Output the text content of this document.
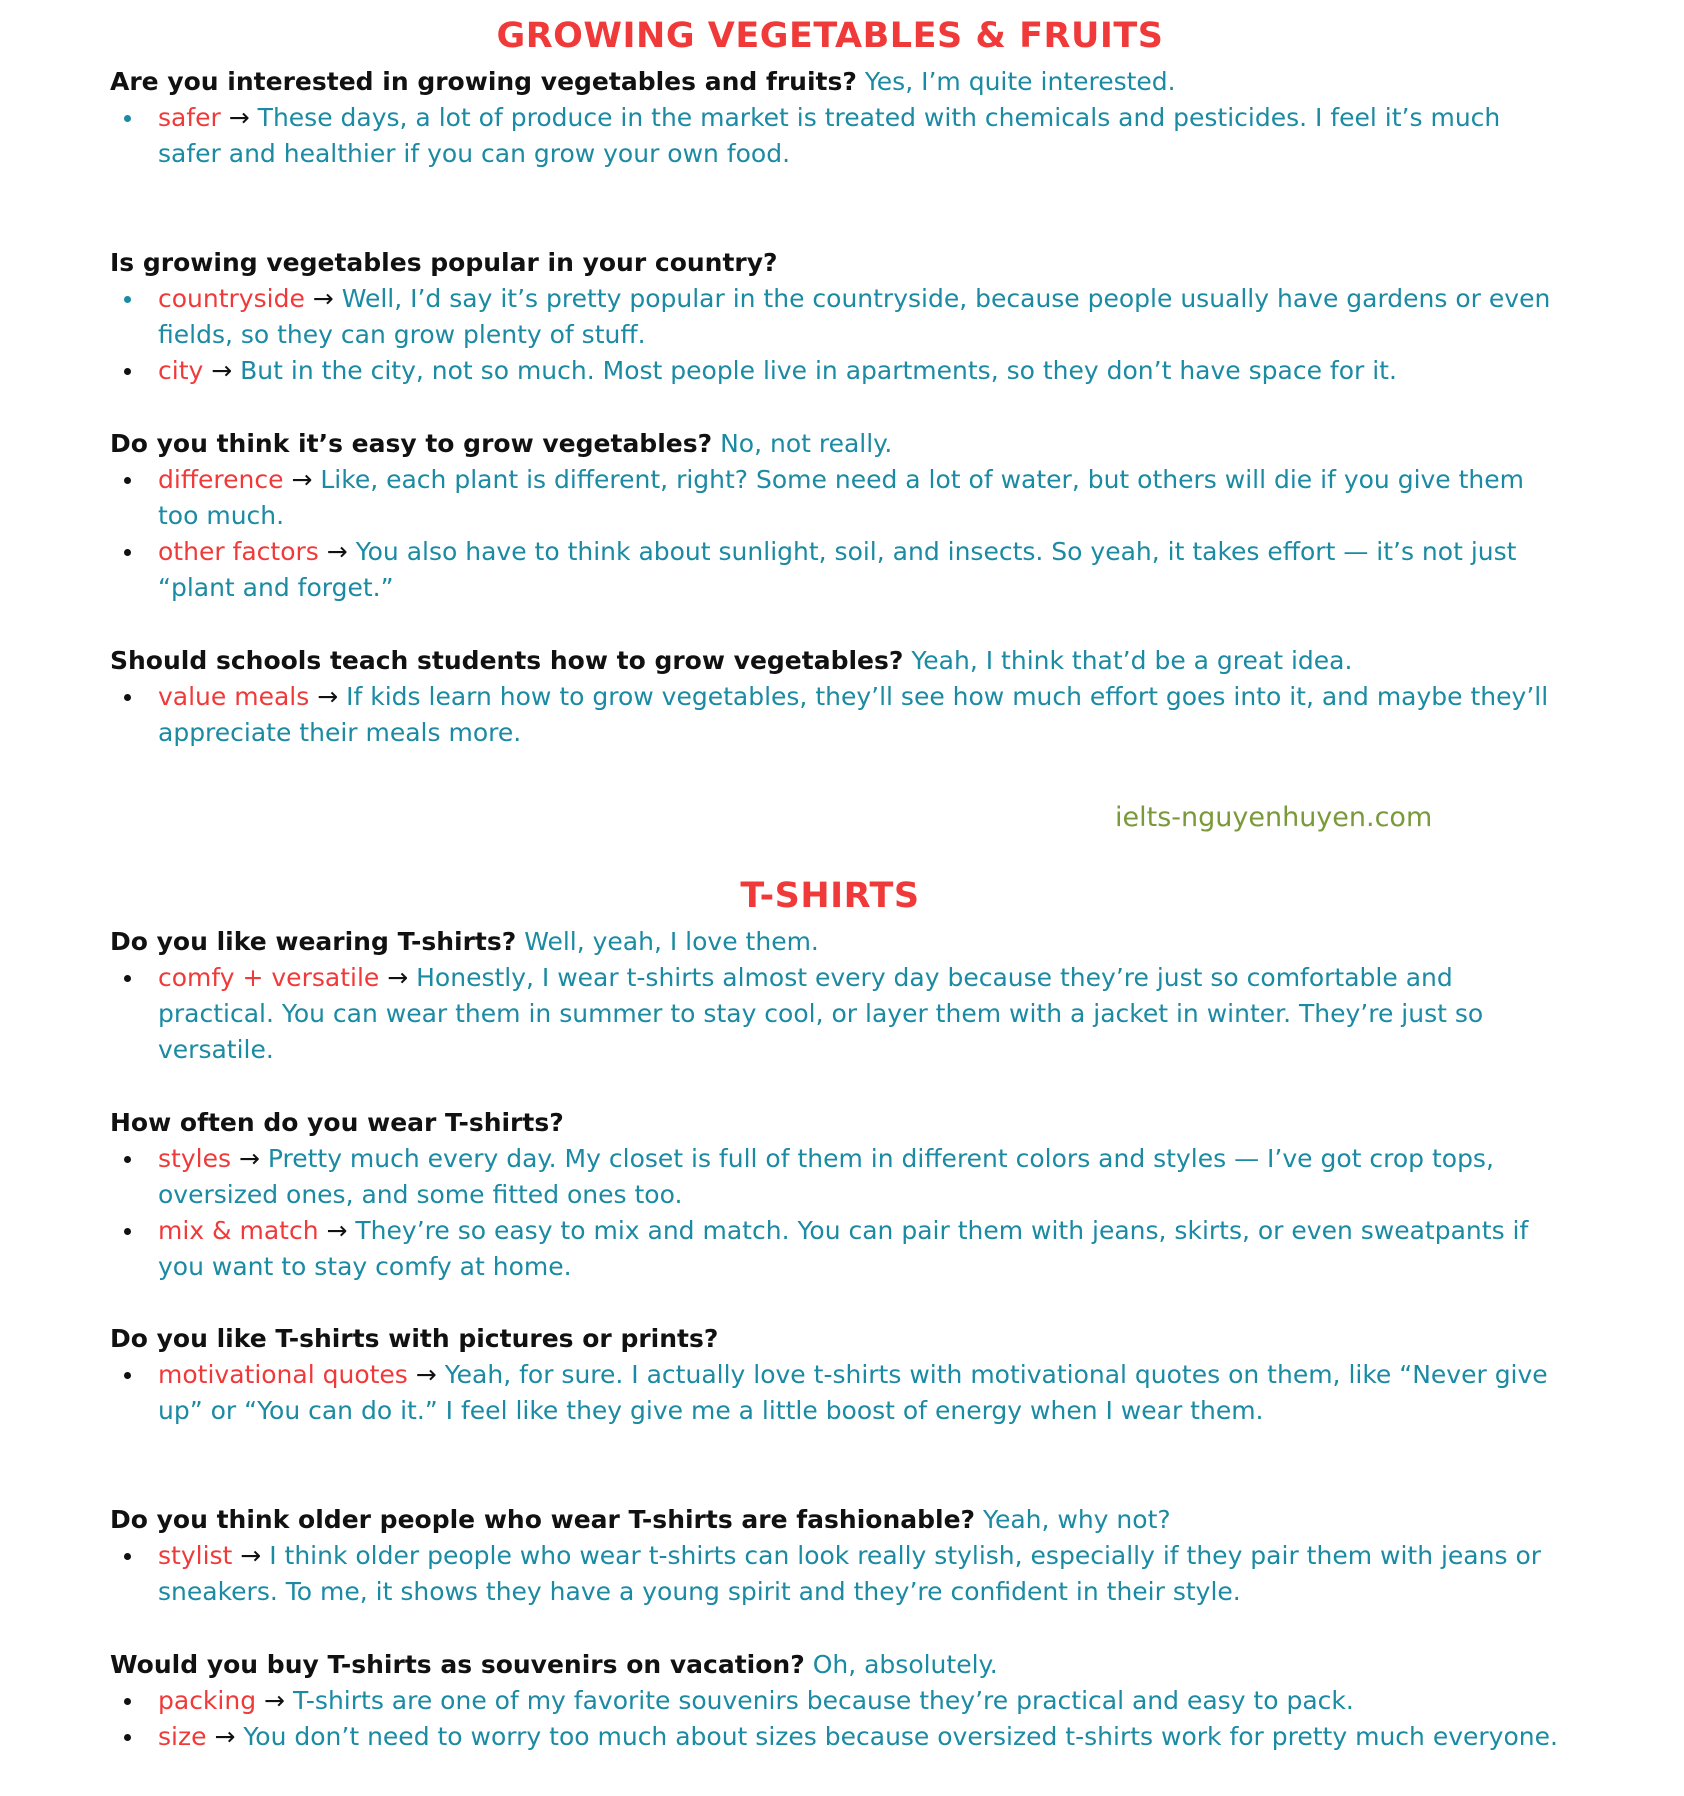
GROWING VEGETABLES & FRUITS

Are you interested in growing vegetables and fruits? Yes, I’m quite interested.

safer → These days, a lot of produce in the market is treated with chemicals and pesticides. I feel it’s much safer and healthier if you can grow your own food.

Is growing vegetables popular in your country?

countryside → Well, I’d say it’s pretty popular in the countryside, because people usually have gardens or even fields, so they can grow plenty of stuff.
city → But in the city, not so much. Most people live in apartments, so they don’t have space for it.

Do you think it’s easy to grow vegetables? No, not really.

difference → Like, each plant is different, right? Some need a lot of water, but others will die if you give them too much.
other factors → You also have to think about sunlight, soil, and insects. So yeah, it takes effort — it’s not just “plant and forget.”

Should schools teach students how to grow vegetables? Yeah, I think that’d be a great idea.

value meals → If kids learn how to grow vegetables, they’ll see how much effort goes into it, and maybe they’ll appreciate their meals more.

ielts-nguyenhuyen.com

T-SHIRTS

Do you like wearing T-shirts? Well, yeah, I love them.

comfy + versatile → Honestly, I wear t-shirts almost every day because they’re just so comfortable and practical. You can wear them in summer to stay cool, or layer them with a jacket in winter. They’re just so versatile.

How often do you wear T-shirts?

styles → Pretty much every day. My closet is full of them in different colors and styles — I’ve got crop tops, oversized ones, and some fitted ones too.
mix & match → They’re so easy to mix and match. You can pair them with jeans, skirts, or even sweatpants if you want to stay comfy at home.

Do you like T-shirts with pictures or prints?

motivational quotes → Yeah, for sure. I actually love t-shirts with motivational quotes on them, like “Never give up” or “You can do it.” I feel like they give me a little boost of energy when I wear them.

Do you think older people who wear T-shirts are fashionable? Yeah, why not?

stylist → I think older people who wear t-shirts can look really stylish, especially if they pair them with jeans or sneakers. To me, it shows they have a young spirit and they’re confident in their style.

Would you buy T-shirts as souvenirs on vacation? Oh, absolutely.

packing → T-shirts are one of my favorite souvenirs because they’re practical and easy to pack.
size → You don’t need to worry too much about sizes because oversized t-shirts work for pretty much everyone.
